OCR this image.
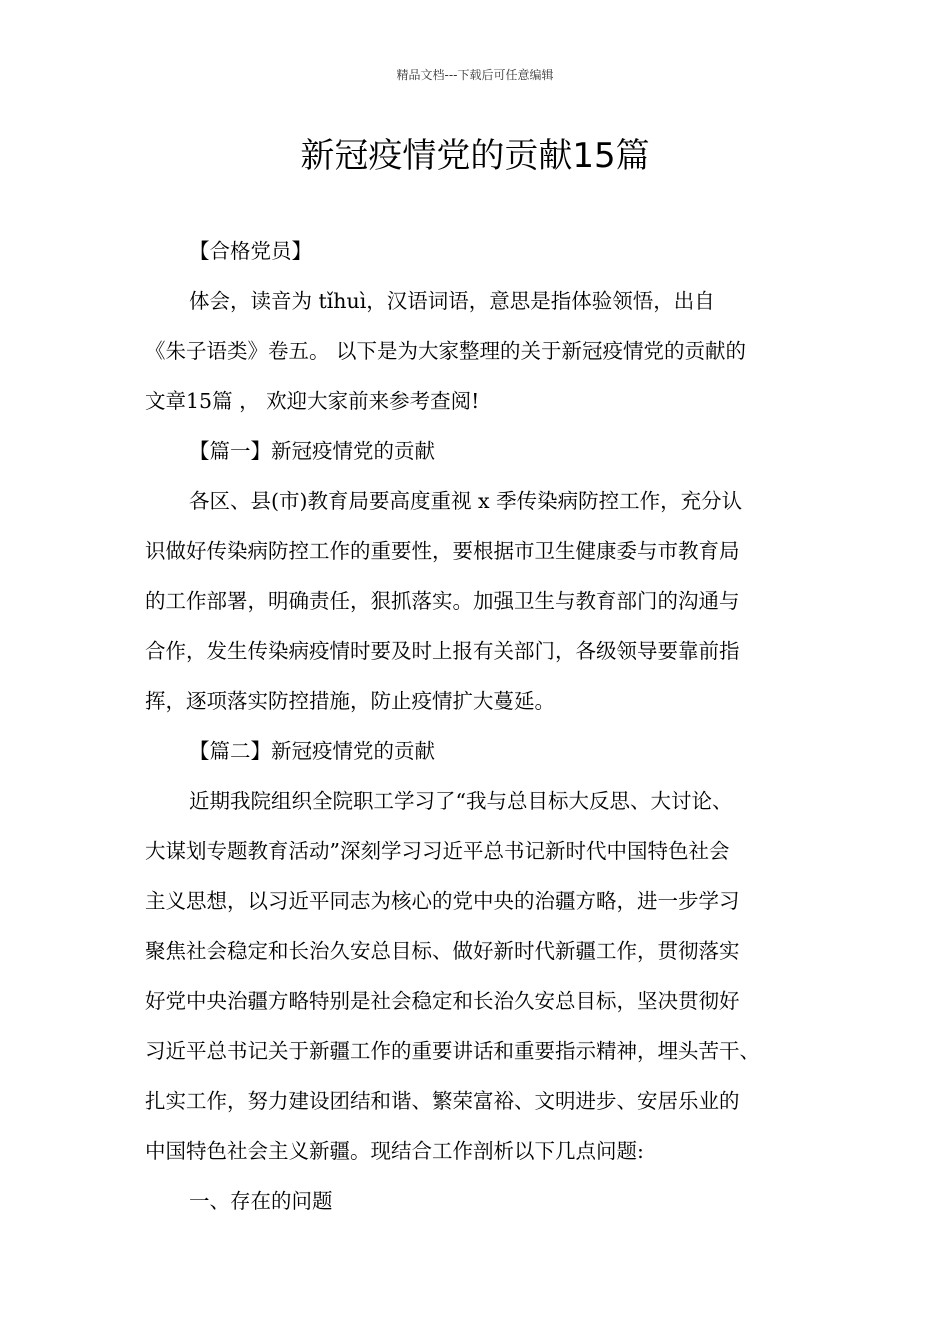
精品文档---下载后可任意编辑
新冠疫情党的贡献15篇

【合格党员】

体会，读音为 tǐhuì，汉语词语，意思是指体验领悟，出自
《朱子语类》卷五。 以下是为大家整理的关于新冠疫情党的贡献的
文章15篇 ， 欢迎大家前来参考查阅!

【篇一】新冠疫情党的贡献

各区、县(市)教育局要高度重视 x 季传染病防控工作，充分认
识做好传染病防控工作的重要性，要根据市卫生健康委与市教育局
的工作部署，明确责任，狠抓落实。加强卫生与教育部门的沟通与
合作，发生传染病疫情时要及时上报有关部门，各级领导要靠前指
挥，逐项落实防控措施，防止疫情扩大蔓延。

【篇二】新冠疫情党的贡献

近期我院组织全院职工学习了“我与总目标大反思、大讨论、
大谋划专题教育活动”深刻学习习近平总书记新时代中国特色社会
主义思想，以习近平同志为核心的党中央的治疆方略，进一步学习
聚焦社会稳定和长治久安总目标、做好新时代新疆工作，贯彻落实
好党中央治疆方略特别是社会稳定和长治久安总目标，坚决贯彻好
习近平总书记关于新疆工作的重要讲话和重要指示精神，埋头苦干、
扎实工作，努力建设团结和谐、繁荣富裕、文明进步、安居乐业的
中国特色社会主义新疆。现结合工作剖析以下几点问题:

一、存在的问题
